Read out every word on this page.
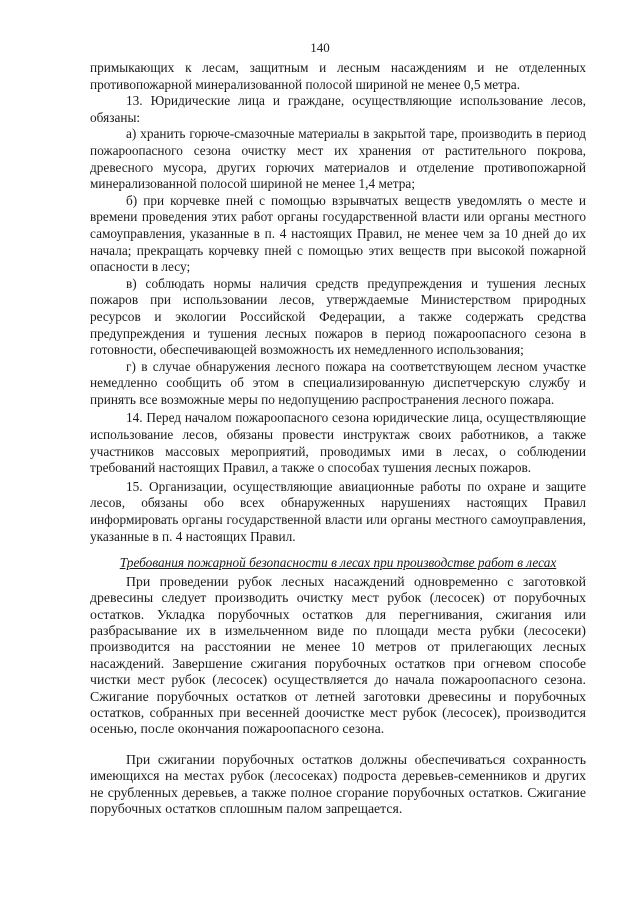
140

примыкающих к лесам, защитным и лесным насаждениям и не отделенных противопожарной минерализованной полосой шириной не менее 0,5 метра.

13. Юридические лица и граждане, осуществляющие использование лесов, обязаны:

а) хранить горюче-смазочные материалы в закрытой таре, производить в период пожароопасного сезона очистку мест их хранения от растительного покрова, древесного мусора, других горючих материалов и отделение противопожарной минерализованной полосой шириной не менее 1,4 метра;

б) при корчевке пней с помощью взрывчатых веществ уведомлять о месте и времени проведения этих работ органы государственной власти или органы местного самоуправления, указанные в п. 4 настоящих Правил, не менее чем за 10 дней до их начала; прекращать корчевку пней с помощью этих веществ при высокой пожарной опасности в лесу;

в) соблюдать нормы наличия средств предупреждения и тушения лесных пожаров при использовании лесов, утверждаемые Министерством природных ресурсов и экологии Российской Федерации, а также содержать средства предупреждения и тушения лесных пожаров в период пожароопасного сезона в готовности, обеспечивающей возможность их немедленного использования;

г) в случае обнаружения лесного пожара на соответствующем лесном участке немедленно сообщить об этом в специализированную диспетчерскую службу и принять все возможные меры по недопущению распространения лесного пожара.

14. Перед началом пожароопасного сезона юридические лица, осуществляющие использование лесов, обязаны провести инструктаж своих работников, а также участников массовых мероприятий, проводимых ими в лесах, о соблюдении требований настоящих Правил, а также о способах тушения лесных пожаров.

15. Организации, осуществляющие авиационные работы по охране и защите лесов, обязаны обо всех обнаруженных нарушениях настоящих Правил информировать органы государственной власти или органы местного самоуправления, указанные в п. 4 настоящих Правил.

Требования пожарной безопасности в лесах при производстве работ в лесах

При проведении рубок лесных насаждений одновременно с заготовкой древесины следует производить очистку мест рубок (лесосек) от порубочных остатков. Укладка порубочных остатков для перегнивания, сжигания или разбрасывание их в измельченном виде по площади места рубки (лесосеки) производится на расстоянии не менее 10 метров от прилегающих лесных насаждений. Завершение сжигания порубочных остатков при огневом способе чистки мест рубок (лесосек) осуществляется до начала пожароопасного сезона. Сжигание порубочных остатков от летней заготовки древесины и порубочных остатков, собранных при весенней доочистке мест рубок (лесосек), производится осенью, после окончания пожароопасного сезона.

При сжигании порубочных остатков должны обеспечиваться сохранность имеющихся на местах рубок (лесосеках) подроста деревьев-семенников и других не срубленных деревьев, а также полное сгорание порубочных остатков. Сжигание порубочных остатков сплошным палом запрещается.
